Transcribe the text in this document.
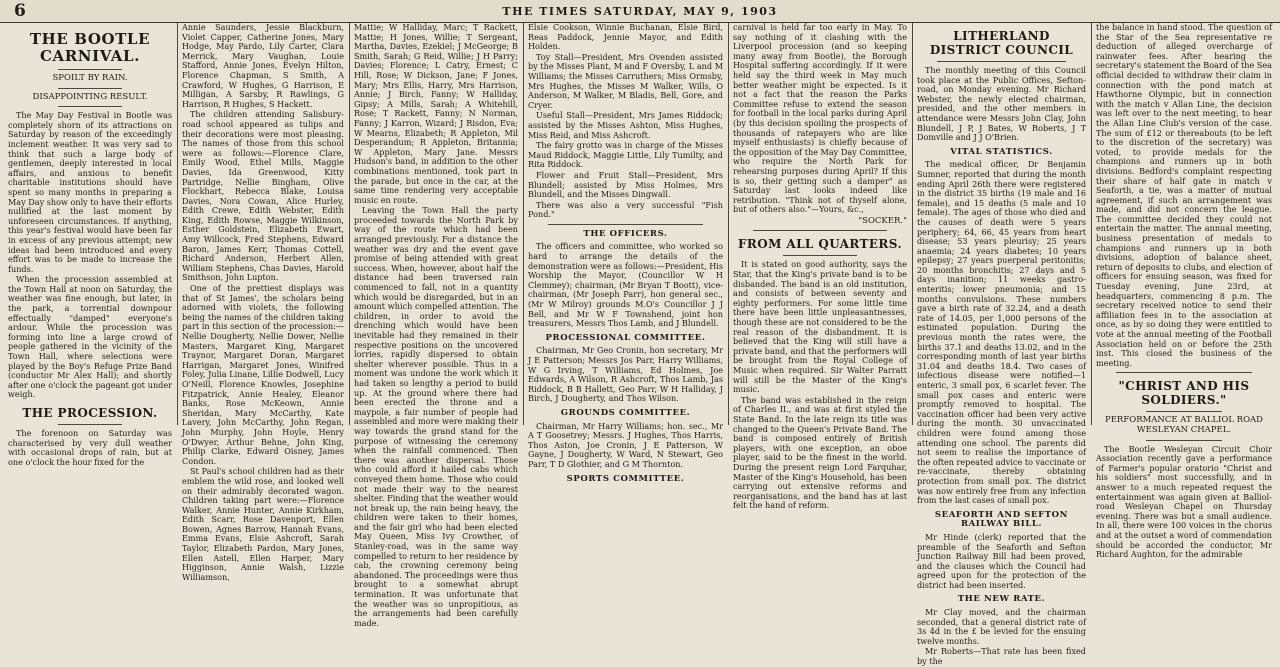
6	THE TIMES SATURDAY, MAY 9, 1903
THE BOOTLE CARNIVAL.
SPOILT BY RAIN.
DISAPPOINTING RESULT.

The May Day Festival in Bootle was completely shorn of its attractions on Saturday by reason of the exceedingly inclement weather. It was very sad to think that such a large body of gentlemen, deeply interested in local affairs, and anxious to benefit charitable institutions should have spent so many months in preparing a May Day show only to have their efforts nullified at the last moment by unforeseen circumstances. If anything, this year's festival would have been far in excess of any previous attempt; new ideas had been introduced and every effort was to be made to increase the funds.

When the procession assembled at the Town Hall at noon on Saturday, the weather was fine enough, but later, in the park, a torrential downpour effectually "damped" everyone's ardour. While the procession was forming into line a large crowd of people gathered in the vicinity of the Town Hall, where selections were played by the Boy's Refuge Prize Band (conductor Mr Alex Hall); and shortly after one o'clock the pageant got under weigh.

THE PROCESSION.

The forenoon on Saturday was characterised by very dull weather with occasional drops of rain, but at one o'clock the hour fixed for the

Annie Saunders, Jessie Blackburn, Violet Capper, Catherine Jones, Mary Hodge, May Pardo, Lily Carter, Clara Merrick, Mary Vaughan, Louie Stafford, Annie Jones, Evelyn Hilton, Florence Chapman, S Smith, A Crawford, W Hughes, G Harrison, E Milligan, A Sarsby, R Rawlings, G Harrison, R Hughes, S Hackett.

The children attending Salisbury-road school appeared as tulips and their decorations were most pleasing. The names of those from this school were as follows:—Florence Clare, Emily Wood, Ethel Mills, Maggie Davies, Ida Greenwood, Kitty Partridge, Nellie Bingham, Olive Flockhart, Rebecca Blake, Louisa Davies, Nora Cowan, Alice Hurley, Edith Crewe, Edith Webster, Edith King, Edith Rowse, Maggie Wilkinson, Esther Goldstein, Elizabeth Ewart, Amy Willcock, Fred Stephens, Edward Baron, James Kerr, Thomas Cottell, Richard Anderson, Herbert Allen, William Stephens, Chas Davies, Harold Smithson, John Lupton.

One of the prettiest displays was that of St James', the scholars being adorned with violets, the following being the names of the children taking part in this section of the procession:—Nellie Dougherty, Nellie Dower, Nellie Masters, Margaret King, Margaret Traynor, Margaret Doran, Margaret Harrigan, Margaret Jones, Winifred Foley, Julia Linane, Lillie Dodwell, Lucy O'Neill, Florence Knowles, Josephine Fitzpatrick, Annie Healey, Eleanor Banks, Rose McKeown, Annie Sheridan, Mary McCarthy, Kate Lavery, John McCarthy, John Regan, John Murphy, John Hoyle, Henry O'Dwyer, Arthur Behne, John King, Philip Clarke, Edward Oisney, James Condon.

St Paul's school children had as their emblem the wild rose, and looked well on their admirably decorated wagon. Children taking part were:—Florence Walker, Annie Hunter, Annie Kirkham, Edith Scarr, Rose Davenport, Ellen Bowen, Agnes Barrow, Hannah Evans, Emma Evans, Elsie Ashcroft, Sarah Taylor, Elizabeth Pardon, Mary Jones, Ellen Astell, Ellen Harper, Mary Higginson, Annie Walsh, Lizzie Williamson,

Mattie; W Halliday, Marc; T Rackett, Mattie; H Jones, Willie; T Sergeant, Martha, Davies, Ezekiel; J McGeorge; B Smith, Sarah; G Reid, Willie; J H Parry; Davies; Florence; L Catry, Ernest; C Hill, Rose; W Dickson, Jane; F Jones, Mary; Mrs Ellis, Harry, Mrs Harrison, Annie; J Birch, Fanny; W Halliday, Gipsy; A Mills, Sarah; A Whitehill, Rose; T Rackett, Fanny; N Norman, Fanny; J Karron, Wizard; J Risdon, Eva; W Mearns, Elizabeth; R Appleton, Mil Desperandum; R Appleton, Britannia; W Appleton, Mary Jane. Messrs Hudson's band, in addition to the other combinations mentioned, took part in the parade, but once in the car, at the same time rendering very acceptable music en route.

Leaving the Town Hall the party proceeded towards the North Park by way of the route which had been arranged previously. For a distance the weather was dry and the event gave promise of being attended with great success. When, however, about half the distance had been traversed rain commenced to fall, not in a quantity which would be disregarded, but in an amount which compelled attention. The children, in order to avoid the drenching which would have been inevitable had they remained in their respective positions on the uncovered lorries, rapidly dispersed to obtain shelter wherever possible. Thus in a moment was undone the work which it had taken so lengthy a period to build up. At the ground where there had been erected the throne and a maypole, a fair number of people had assembled and more were making their way towards the grand stand for the purpose of witnessing the ceremony when the rainfall commenced. Then there was another dispersal. Those who could afford it hailed cabs which conveyed them home. Those who could not made their way to the nearest shelter. Finding that the weather would not break up, the rain being heavy, the children were taken to their homes, and the fair girl who had been elected May Queen, Miss Ivy Crowther, of Stanley-road, was in the same way compelled to return to her residence by cab, the crowning ceremony being abandoned. The proceedings were thus brought to a somewhat abrupt termination. It was unfortunate that the weather was so unpropitious, as the arrangements had been carefully made.

Elsie Cookson, Winnie Buchanan, Elsie Bird, Reas Paddock, Jennie Mayor, and Edith Holden.

Toy Stall—President, Mrs Ovenden assisted by the Misses Plant, M and F Oversby, L and M Williams; the Misses Carruthers; Miss Ormsby, Mrs Hughes, the Misses M Walker, Wills, O Anderson, M Walker, M Bladis, Bell, Gore, and Cryer.

Useful Stall—President, Mrs James Riddock; assisted by the Misses Ashton, Miss Hughes, Miss Reid, and Miss Ashcroft.

The fairy grotto was in charge of the Misses Maud Riddock, Maggie Little, Lily Tumilty, and Rita Riddock.

Flower and Fruit Stall—President, Mrs Blundell; assisted by Miss Holmes, Mrs Blundell, and the Misses Dingwall.

There was also a very successful "Fish Pond."

THE OFFICERS.

The officers and committee, who worked so hard to arrange the details of the demonstration were as follows:—President, His Worship the Mayor, (Councillor W H Clemmey); chairman, (Mr Bryan T Boott), vice-chairman, (Mr Joseph Parr), hon general sec., (Mr W Milroy) grounds M.O's Councillor J J Bell, and Mr W F Townshend, joint hon treasurers, Messrs Thos Lamb, and J Blundell.

PROCESSIONAL COMMITTEE.

Chairman, Mr Geo Cronin, hon secretary, Mr J E Patterson; Messrs Jos Parr, Harry Williams, W G Irving, T Williams, Ed Holmes, Joe Edwards, A Wilson, R Ashcroft, Thos Lamb, Jas Riddock, B B Hallett, Geo Parr, W H Halliday, J Birch, J Dougherty, and Thos Wilson.

GROUNDS COMMITTEE.

Chairman, Mr Harry Williams; hon. sec., Mr A T Goosetrey; Messrs. J Hughes, Thos Harris, Thos Aston, Joe Cronin, J E Patterson, W Gayne, J Dougherty, W Ward, N Stewart, Geo Parr, T D Glothier, and G M Thornton.

SPORTS COMMITTEE.

carnival is held far too early in May. To say nothing of it clashing with the Liverpool procession (and so keeping many away from Bootle), the Borough Hospital suffering accordingly. If it were held say the third week in May much better weather might be expected. Is it not a fact that the reason the Parks Committee refuse to extend the season for football in the local parks during April (by this decision spoiling the prospects of thousands of ratepayers who are like myself enthusiasts) is chiefly because of the opposition of the May Day Committee, who require the North Park for rehearsing purposes during April? If this is so, their getting such a damper" as Saturday last looks indeed like retribution. "Think not of thyself alone, but of others also."—Yours, &c.,

"SOCKER."
FROM ALL QUARTERS.

It is stated on good authority, says the Star, that the King's private band is to be disbanded. The band is an old institution, and consists of between seventy and eighty performers. For some little time there have been little unpleasantnesses, though these are not considered to be the real reason of the disbandment. It is believed that the King will still have a private band, and that the performers will be brought from the Royal College of Music when required. Sir Walter Parratt will still be the Master of the King's music.

The band was established in the reign of Charles II., and was at first styled the State Band. In the late reign its title was changed to the Queen's Private Band. The band is composed entirely of British players, with one exception, an oboe player, said to be the finest in the world. During the present reign Lord Farquhar, Master of the King's Household, has been carrying out extensive reforms and reorganisations, and the band has at last felt the hand of reform.

LITHERLAND DISTRICT COUNCIL

The monthly meeting of this Council took place at the Public Offices, Sefton-road, on Monday evening. Mr Richard Webster, the newly elected chairman, presided, and the other members in attendance were Messrs John Clay, John Blundell, J P, J Bates, W Roberts, J T Domville and J J O'Brien.

VITAL STATISTICS.

The medical officer, Dr Benjamin Sumner, reported that during the month ending April 26th there were registered in the district 35 births (19 male and 16 female), and 15 deaths (5 male and 10 female). The ages of those who died and the causes of death were 5 years periphery; 64, 66, 45 years from heart disease; 53 years pleurisy; 25 years anaemia; 24 years diabetes; 10 years epilepsy; 27 years puerperal peritonitis; 20 months bronchitis; 27 days and 5 days inanition; 11 weeks gastro-enteritis; lower pneumonia; and 15 months convulsions. These numbers gave a birth rate of 32.24, and a death rate of 14.05, per 1,000 persons of the estimated population. During the previous month the rates were, the births 37.1 and deaths 13.02, and in the corresponding month of last year births 31.04 and deaths 18.4. Two cases of infectious disease were notified—1 enteric, 3 small pox, 6 scarlet fever. The small pox cases and enteric were promptly removed to hospital. The vaccination officer had been very active during the month. 30 unvaccinated children were found among those attending one school. The parents did not seem to realise the importance of the often repeated advice to vaccinate or re-vaccinate, thereby obtaining protection from small pox. The district was now entirely free from any infection from the last cases of small pox.

SEAFORTH AND SEFTON RAILWAY BILL.

Mr Hinde (clerk) reported that the preamble of the Seaforth and Sefton Junction Railway Bill had been proved, and the clauses which the Council had agreed upon for the protection of the district had been inserted.

THE NEW RATE.

Mr Clay moved, and the chairman seconded, that a general district rate of 3s 4d in the £ be levied for the ensuing twelve months.

Mr Roberts—That rate has been fixed by the

the balance in hand stood. The question of the Star of the Sea representative re deduction of alleged overcharge of rainwater fees. After hearing the secretary's statement the Board of the Sea official decided to withdraw their claim in connection with the pond match at Hawthorne Olympic, but in connection with the match v Allan Line, the decision was left over to the next meeting, to hear the Allan Line Club's version of the case. The sum of £12 or thereabouts (to be left to the discretion of the secretary) was voted, to provide medals for the champions and runners up in both divisions. Bedford's complaint respecting their share of half gate in match v Seaforth, a tie, was a matter of mutual agreement, if such an arrangement was made, and did not concern the league. The committee decided they could not entertain the matter. The annual meeting, business presentation of medals to champions and runners up in both divisions, adoption of balance sheet, return of deposits to clubs, and election of officers for ensuing season, was fixed for Tuesday evening, June 23rd, at headquarters, commencing 8 p.m. The secretary received notice to send their affiliation fees in to the association at once, as by so doing they were entitled to vote at the annual meeting of the Football Association held on or before the 25th inst. This closed the business of the meeting.

"CHRIST AND HIS SOLDIERS."
PERFORMANCE AT BALLIOL ROAD WESLEYAN CHAPEL.

The Bootle Wesleyan Circuit Choir Association recently gave a performance of Farmer's popular oratorio "Christ and his soldiers" most successfully, and in answer to a much repeated request the entertainment was again given at Balliol-road Wesleyan Chapel on Thursday evening. There was but a small audience. In all, there were 100 voices in the chorus and at the outset a word of commendation should be accorded the conductor, Mr Richard Aughton, for the admirable
